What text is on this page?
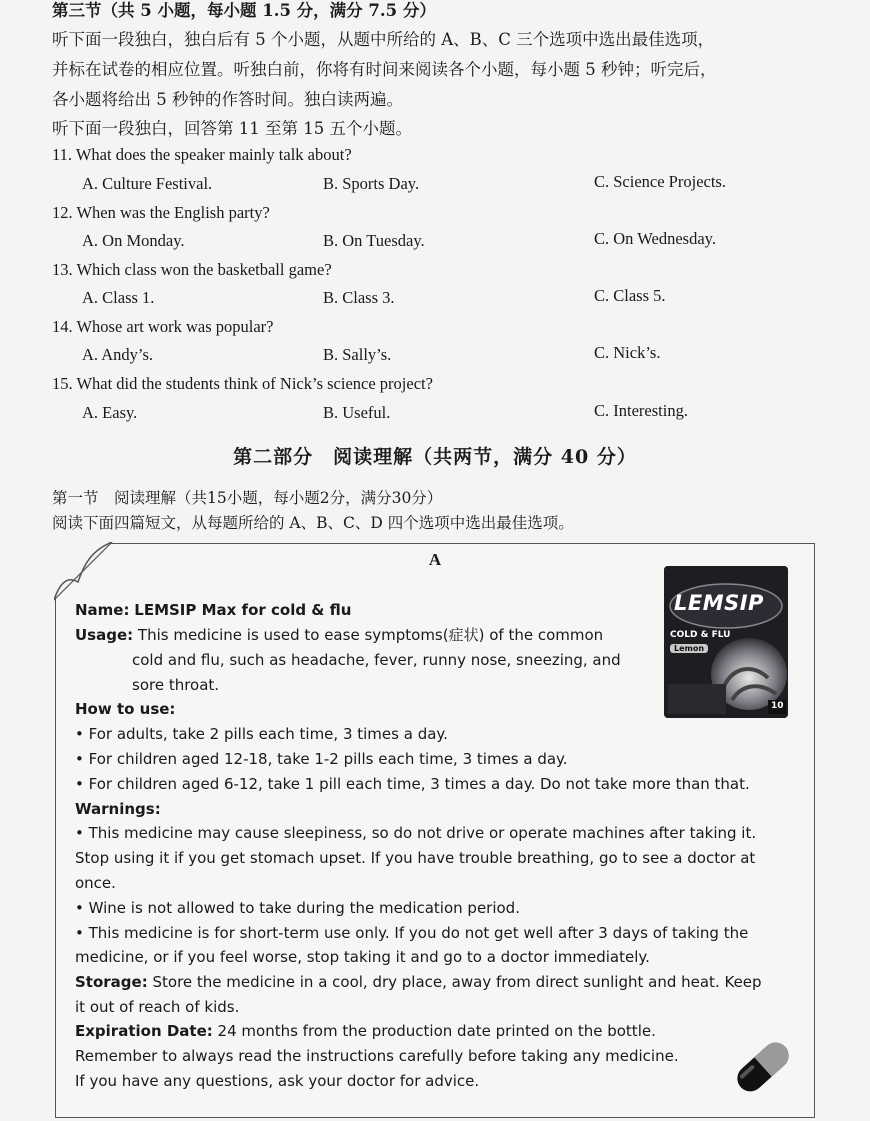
第三节（共 5 小题，每小题 1.5 分，满分 7.5 分）
听下面一段独白，独白后有 5 个小题，从题中所给的 A、B、C 三个选项中选出最佳选项，
并标在试卷的相应位置。听独白前，你将有时间来阅读各个小题，每小题 5 秒钟；听完后，
各小题将给出 5 秒钟的作答时间。独白读两遍。
听下面一段独白，回答第 11 至第 15 五个小题。
11. What does the speaker mainly talk about?
A. Culture Festival.	B. Sports Day.	C. Science Projects.
12. When was the English party?
A. On Monday.	B. On Tuesday.	C. On Wednesday.
13. Which class won the basketball game?
A. Class 1.	B. Class 3.	C. Class 5.
14. Whose art work was popular?
A. Andy’s.	B. Sally’s.	C. Nick’s.
15. What did the students think of Nick’s science project?
A. Easy.	B. Useful.	C. Interesting.
第二部分　阅读理解（共两节，满分 40 分）
第一节　阅读理解（共15小题，每小题2分，满分30分）
阅读下面四篇短文，从每题所给的 A、B、C、D 四个选项中选出最佳选项。
A
LEMSIP
COLD & FLU
Lemon
10
Name: LEMSIP Max for cold & flu
Usage: This medicine is used to ease symptoms(症状) of the common
cold and flu, such as headache, fever, runny nose, sneezing, and
sore throat.
How to use:
• For adults, take 2 pills each time, 3 times a day.
• For children aged 12-18, take 1-2 pills each time, 3 times a day.
• For children aged 6-12, take 1 pill each time, 3 times a day. Do not take more than that.
Warnings:
• This medicine may cause sleepiness, so do not drive or operate machines after taking it.
Stop using it if you get stomach upset. If you have trouble breathing, go to see a doctor at
once.
• Wine is not allowed to take during the medication period.
• This medicine is for short-term use only. If you do not get well after 3 days of taking the
medicine, or if you feel worse, stop taking it and go to a doctor immediately.
Storage: Store the medicine in a cool, dry place, away from direct sunlight and heat. Keep
it out of reach of kids.
Expiration Date: 24 months from the production date printed on the bottle.
Remember to always read the instructions carefully before taking any medicine.
If you have any questions, ask your doctor for advice.
